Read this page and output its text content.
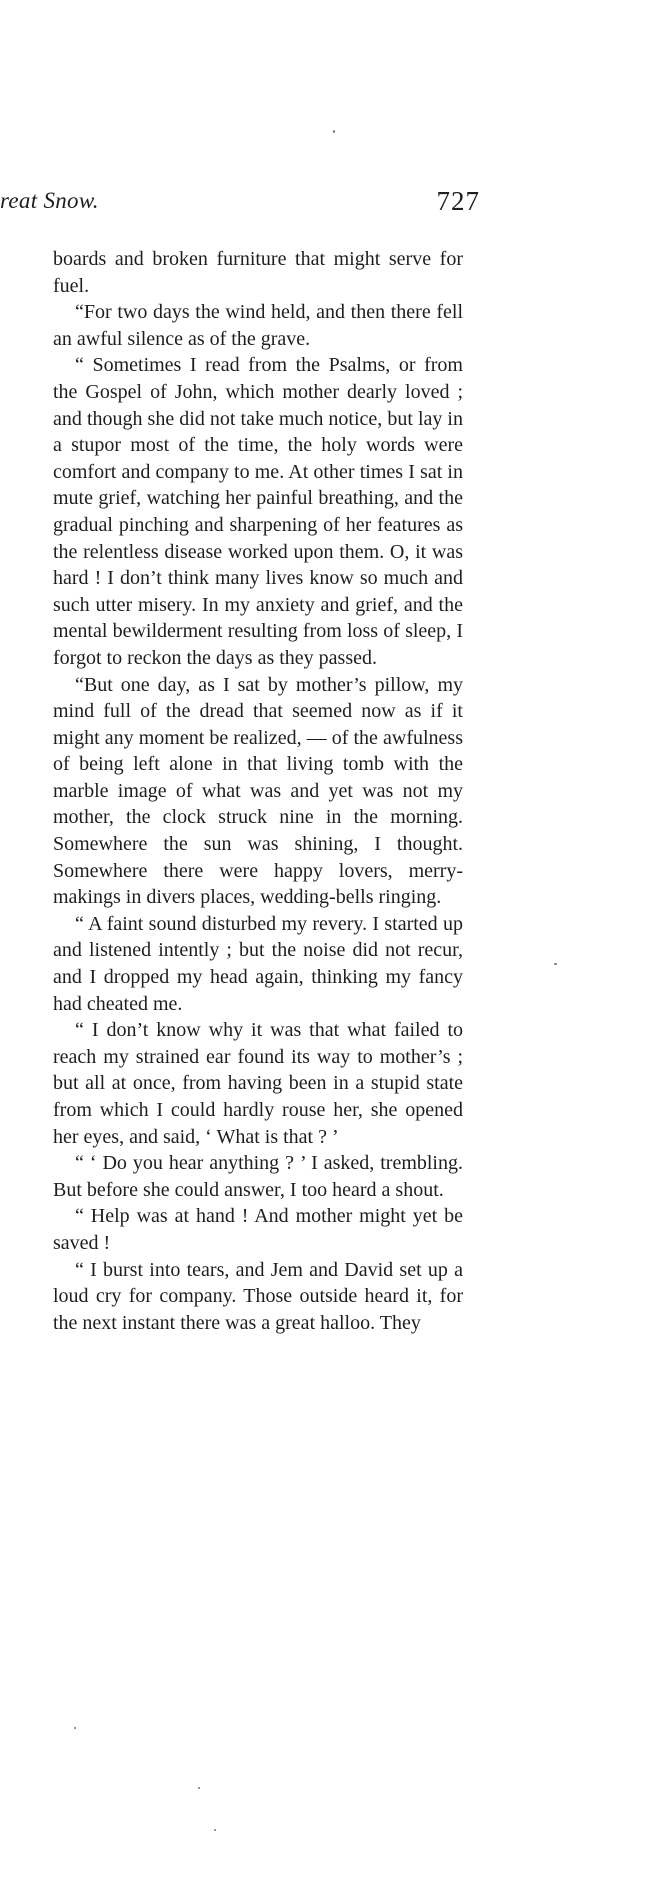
reat Snow.	727

boards and broken furniture that might serve for fuel.

“For two days the wind held, and then there fell an awful silence as of the grave.

“ Sometimes I read from the Psalms, or from the Gospel of John, which mother dearly loved ; and though she did not take much notice, but lay in a stupor most of the time, the holy words were comfort and company to me. At other times I sat in mute grief, watching her painful breathing, and the gradual pinching and sharpening of her features as the relentless disease worked upon them. O, it was hard ! I don’t think many lives know so much and such utter misery. In my anxiety and grief, and the mental bewilderment resulting from loss of sleep, I forgot to reckon the days as they passed.

“But one day, as I sat by mother’s pillow, my mind full of the dread that seemed now as if it might any moment be realized, — of the awfulness of being left alone in that living tomb with the marble image of what was and yet was not my mother, the clock struck nine in the morning. Somewhere the sun was shining, I thought. Somewhere there were happy lovers, merry-makings in divers places, wedding-bells ringing.

“ A faint sound disturbed my revery. I started up and listened intently ; but the noise did not recur, and I dropped my head again, thinking my fancy had cheated me.

“ I don’t know why it was that what failed to reach my strained ear found its way to mother’s ; but all at once, from having been in a stupid state from which I could hardly rouse her, she opened her eyes, and said, ‘ What is that ? ’

“ ‘ Do you hear anything ? ’ I asked, trembling. But before she could answer, I too heard a shout.

“ Help was at hand ! And mother might yet be saved !

“ I burst into tears, and Jem and David set up a loud cry for company. Those outside heard it, for the next instant there was a great halloo. They
